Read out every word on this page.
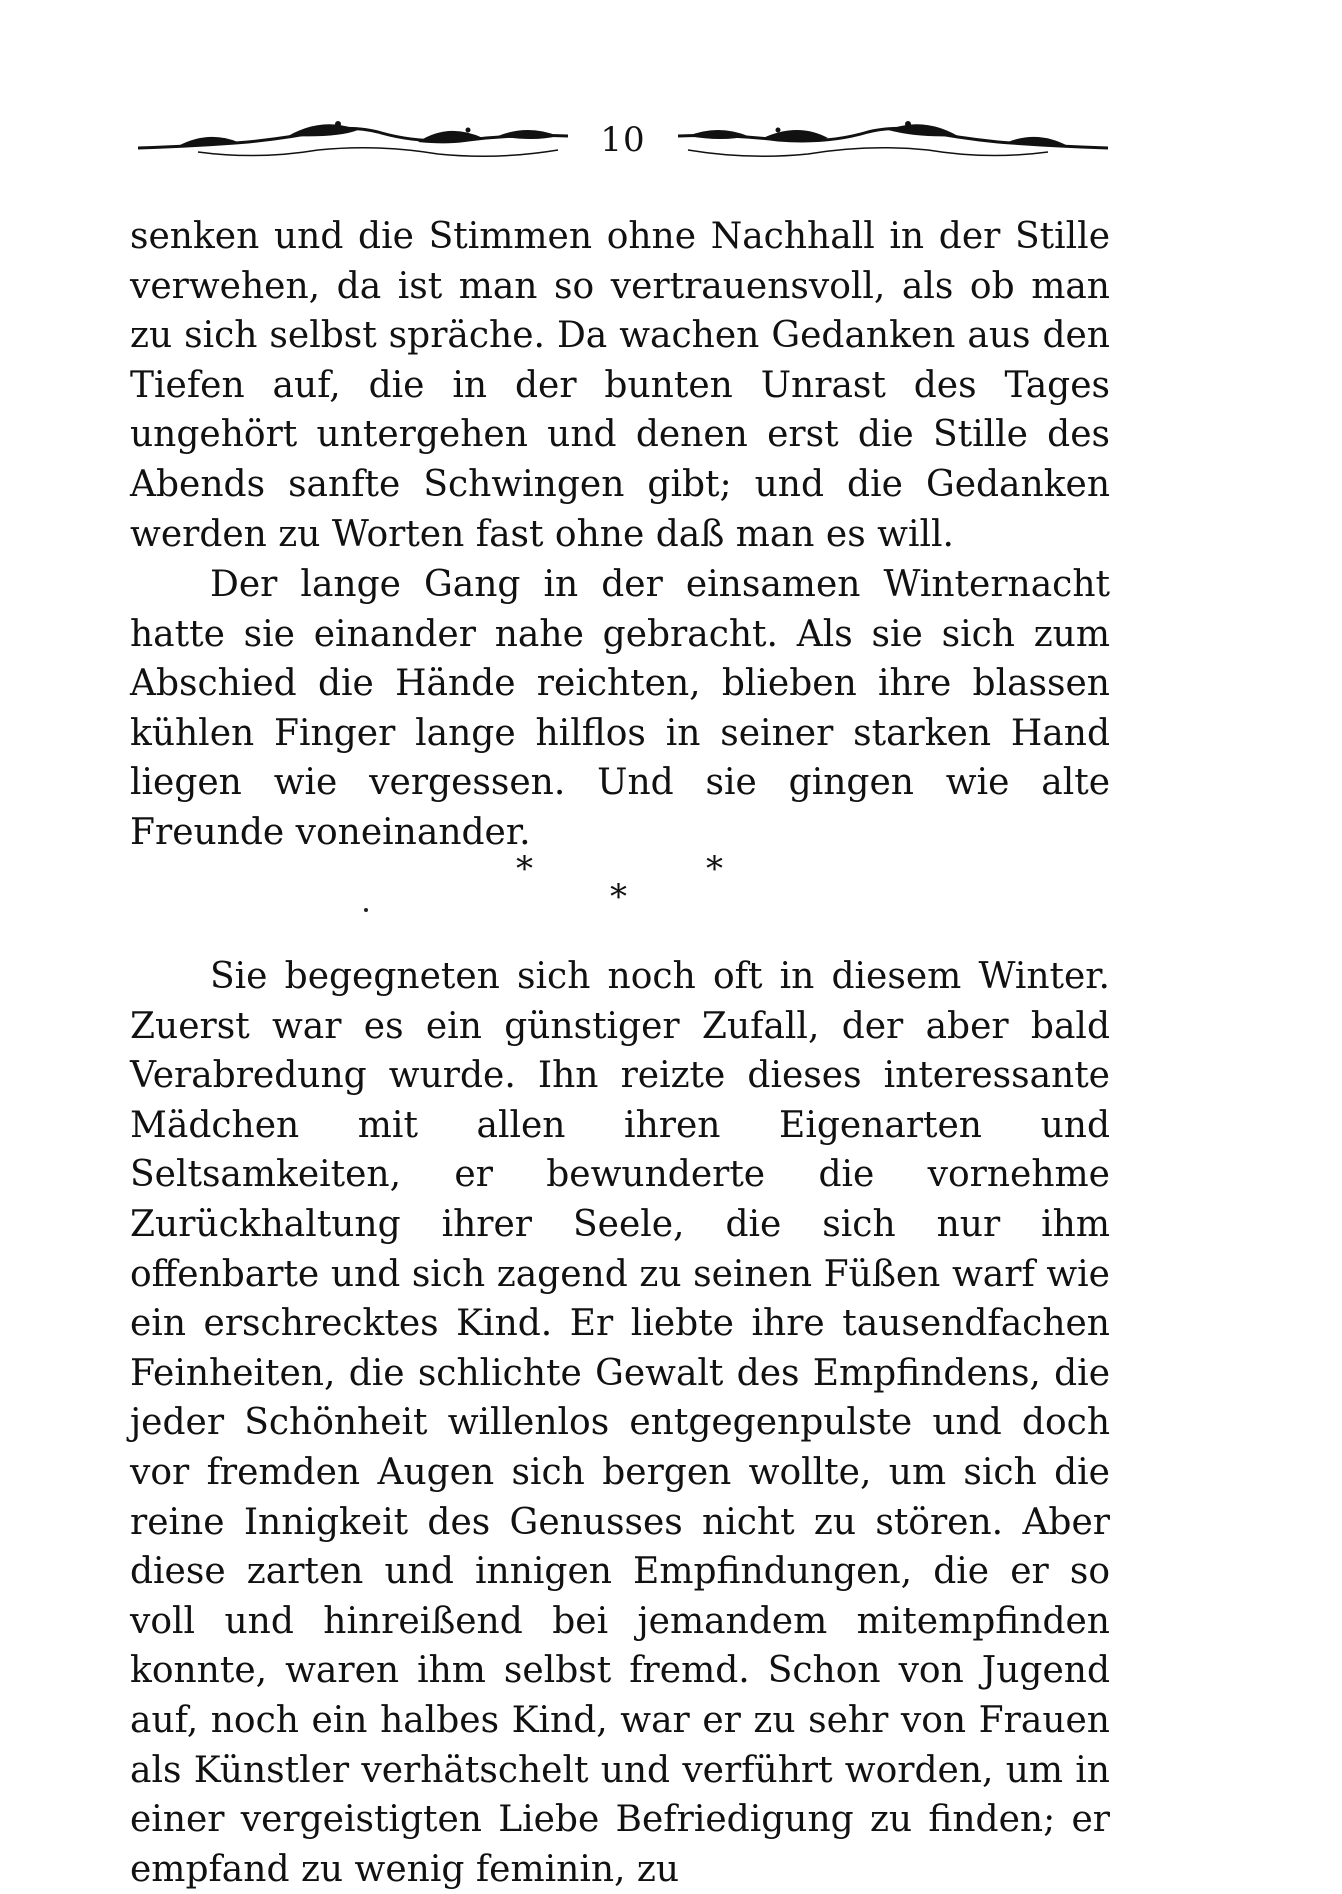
10

senken und die Stimmen ohne Nachhall in der Stille verwehen, da ist man so vertrauensvoll, als ob man zu sich selbst spräche. Da wachen Gedanken aus den Tiefen auf, die in der bunten Unrast des Tages ungehört untergehen und denen erst die Stille des Abends sanfte Schwingen gibt; und die Gedanken werden zu Worten fast ohne daß man es will.

Der lange Gang in der einsamen Winternacht hatte sie einander nahe gebracht. Als sie sich zum Abschied die Hände reichten, blieben ihre blassen kühlen Finger lange hilflos in seiner starken Hand liegen wie vergessen. Und sie gingen wie alte Freunde voneinander.

*
*
*

Sie begegneten sich noch oft in diesem Winter. Zuerst war es ein günstiger Zufall, der aber bald Verabredung wurde. Ihn reizte dieses interessante Mädchen mit allen ihren Eigenarten und Seltsamkeiten, er bewunderte die vornehme Zurückhaltung ihrer Seele, die sich nur ihm offenbarte und sich zagend zu seinen Füßen warf wie ein erschrecktes Kind. Er liebte ihre tausendfachen Feinheiten, die schlichte Gewalt des Empfindens, die jeder Schönheit willenlos entgegenpulste und doch vor fremden Augen sich bergen wollte, um sich die reine Innigkeit des Genusses nicht zu stören. Aber diese zarten und innigen Empfindungen, die er so voll und hinreißend bei jemandem mitempfinden konnte, waren ihm selbst fremd. Schon von Jugend auf, noch ein halbes Kind, war er zu sehr von Frauen als Künstler verhätschelt und verführt worden, um in einer vergeistigten Liebe Befriedigung zu finden; er empfand zu wenig feminin, zu
